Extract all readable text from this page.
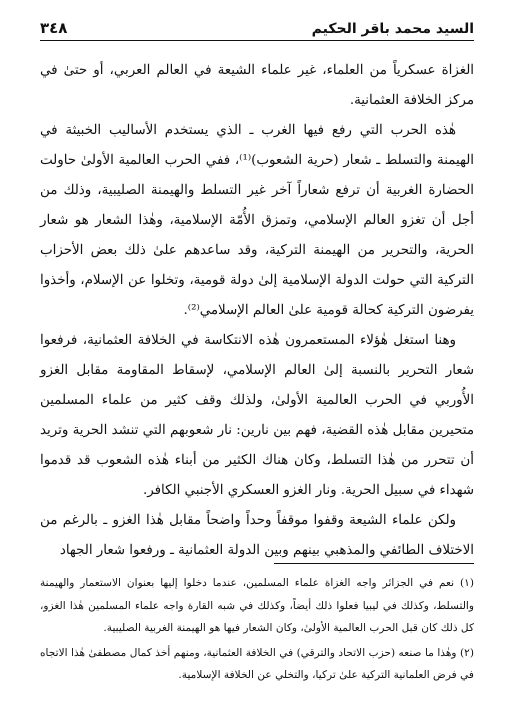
السيد محمد باقر الحكيم
٣٤٨

الغزاة عسكرياً من العلماء، غير علماء الشيعة في العالم العربي، أو حتىٰ في مركز الخلافة العثمانية.

هٰذه الحرب التي رفع فيها الغرب ـ الذي يستخدم الأساليب الخبيثة في الهيمنة والتسلط ـ شعار (حرية الشعوب)⁽¹⁾، ففي الحرب العالمية الأولىٰ حاولت الحضارة الغربية أن ترفع شعاراً آخر غير التسلط والهيمنة الصليبية، وذلك من أجل أن تغزو العالم الإسلامي، وتمزق الأُمّة الإسلامية، وهٰذا الشعار هو شعار الحرية، والتحرير من الهيمنة التركية، وقد ساعدهم علىٰ ذلك بعض الأحزاب التركية التي حولت الدولة الإسلامية إلىٰ دولة قومية، وتخلوا عن الإسلام، وأخذوا يفرضون التركية كحالة قومية علىٰ العالم الإسلامي⁽²⁾.

وهنا استغل هٰؤلاء المستعمرون هٰذه الانتكاسة في الخلافة العثمانية، فرفعوا شعار التحرير بالنسبة إلىٰ العالم الإسلامي، لإسقاط المقاومة مقابل الغزو الأُوربي في الحرب العالمية الأولىٰ، ولذلك وقف كثير من علماء المسلمين متحيرين مقابل هٰذه القضية، فهم بين نارين: نار شعوبهم التي تنشد الحرية وتريد أن تتحرر من هٰذا التسلط، وكان هناك الكثير من أبناء هٰذه الشعوب قد قدموا شهداء في سبيل الحرية. ونار الغزو العسكري الأجنبي الكافر.

ولكن علماء الشيعة وقفوا موقفاً وحداً واضحاً مقابل هٰذا الغزو ـ بالرغم من الاختلاف الطائفي والمذهبي بينهم وبين الدولة العثمانية ـ ورفعوا شعار الجهاد

(١) نعم في الجزائر واجه الغزاة علماء المسلمين، عندما دخلوا إليها بعنوان الاستعمار والهيمنة والتسلط، وكذلك في ليبيا فعلوا ذلك أيضاً، وكذلك في شبه القارة واجه علماء المسلمين هٰذا الغزو، كل ذلك كان قبل الحرب العالمية الأولىٰ، وكان الشعار فيها هو الهيمنة الغربية الصليبية.

(٢) وهٰذا ما صنعه (حزب الاتحاد والترقي) في الخلافة العثمانية، ومنهم أخذ كمال مصطفىٰ هٰذا الاتجاه في فرض العلمانية التركية علىٰ تركيا، والتخلي عن الخلافة الإسلامية.
